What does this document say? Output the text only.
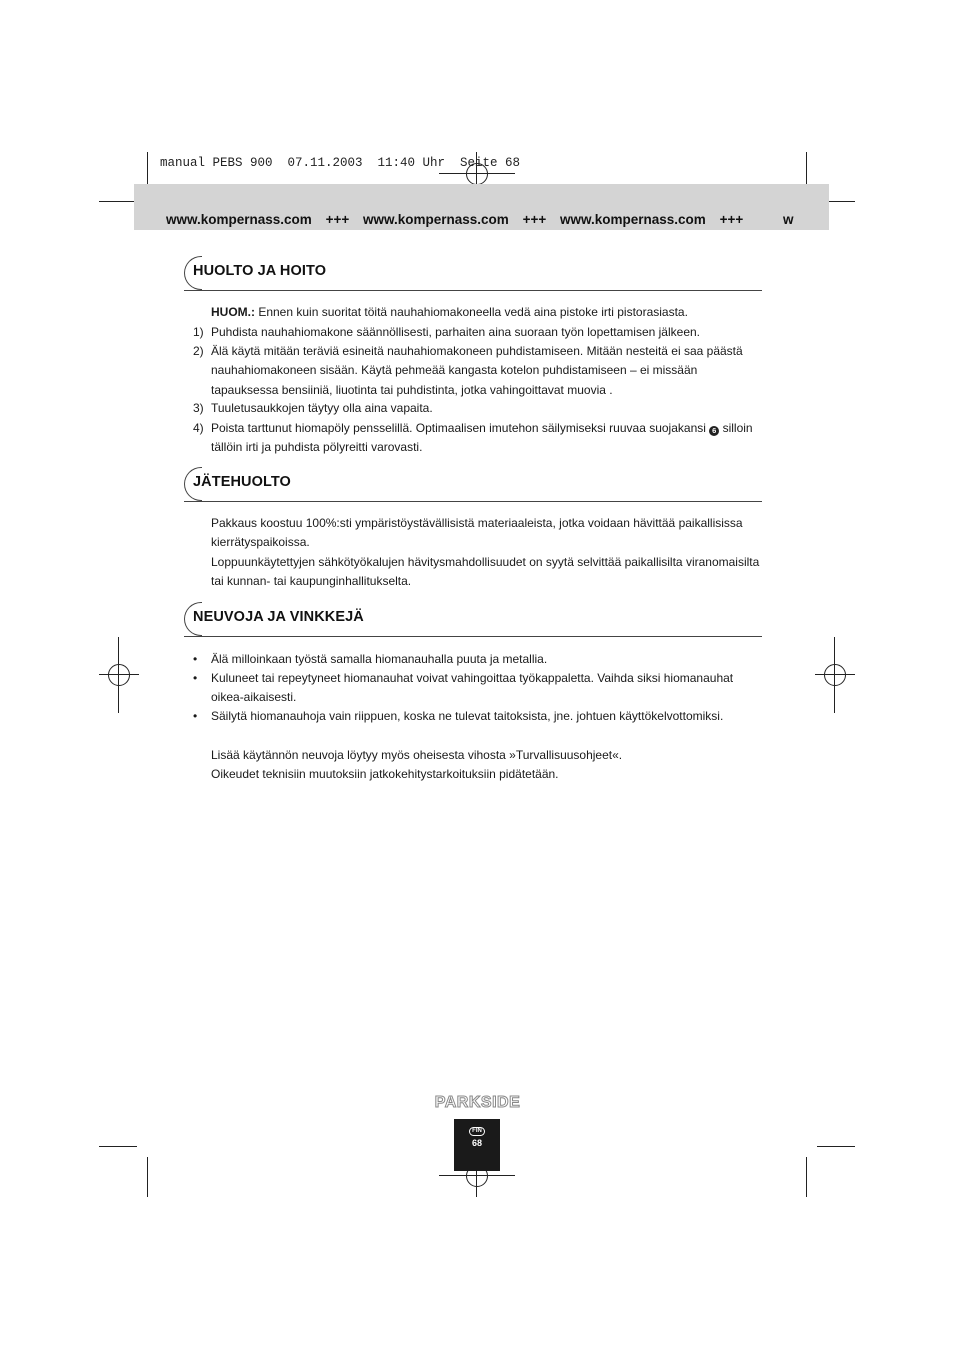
manual PEBS 900  07.11.2003  11:40 Uhr  Seite 68
www.kompernass.com +++ www.kompernass.com +++ www.kompernass.com +++	w
HUOLTO JA HOITO
HUOM.: Ennen kuin suoritat töitä nauhahiomakoneella vedä aina pistoke irti pistorasiasta.
1) Puhdista nauhahiomakone säännöllisesti, parhaiten aina suoraan työn lopettamisen jälkeen.
2) Älä käytä mitään teräviä esineitä nauhahiomakoneen puhdistamiseen. Mitään nesteitä ei saa päästä nauhahiomakoneen sisään. Käytä pehmeää kangasta kotelon puhdistamiseen – ei missään tapauksessa bensiiniä, liuotinta tai puhdistinta, jotka vahingoittavat muovia .
3) Tuuletusaukkojen täytyy olla aina vapaita.
4) Poista tarttunut hiomapöly pensselillä. Optimaalisen imutehon säilymiseksi ruuvaa suojakansi 6 silloin tällöin irti ja puhdista pölyreitti varovasti.
JÄTEHUOLTO
Pakkaus koostuu 100%:sti ympäristöystävällisistä materiaaleista, jotka voidaan hävittää paikallisissa kierrätyspaikoissa.
Loppuunkäytettyjen sähkötyökalujen hävitysmahdollisuudet on syytä selvittää paikallisilta viranomaisilta tai kunnan- tai kaupunginhallitukselta.
NEUVOJA JA VINKKEJÄ
• Älä milloinkaan työstä samalla hiomanauhalla puuta ja metallia.
• Kuluneet tai repeytyneet hiomanauhat voivat vahingoittaa työkappaletta. Vaihda siksi hiomanauhat oikea-aikaisesti.
• Säilytä hiomanauhoja vain riippuen, koska ne tulevat taitoksista, jne. johtuen käyttökelvottomiksi.
Lisää käytännön neuvoja löytyy myös oheisesta vihosta »Turvallisuusohjeet«.
Oikeudet teknisiin muutoksiin jatkokehitystarkoituksiin pidätetään.
PARKSIDE
FIN
68
